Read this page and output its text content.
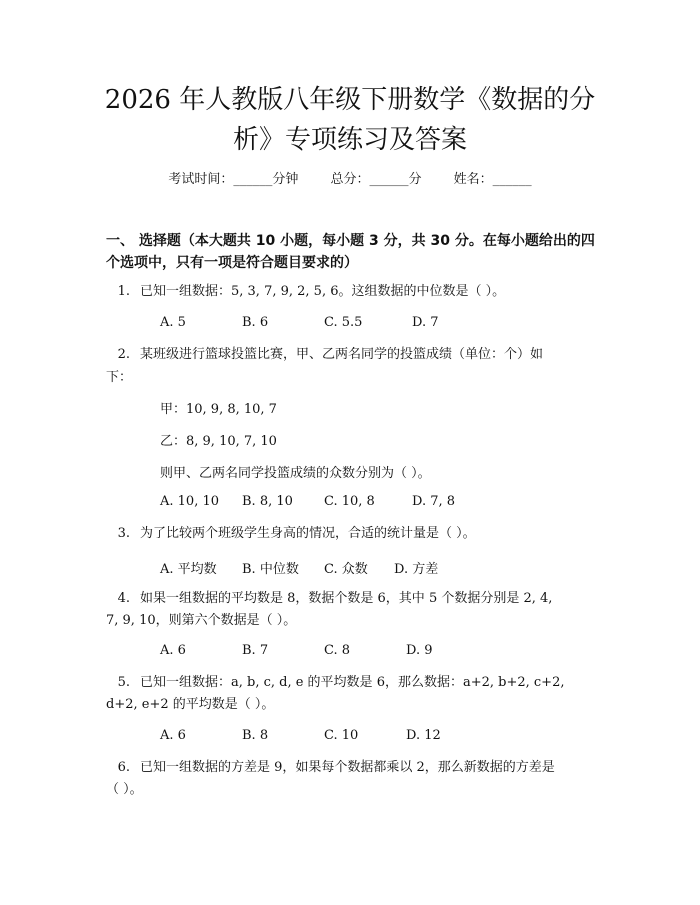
2026 年人教版八年级下册数学《数据的分
析》专项练习及答案
考试时间：______分钟 总分：______分 姓名：______
一、 选择题（本大题共 10 小题，每小题 3 分，共 30 分。在每小题给出的四个选项中，只有一项是符合题目要求的）
1. 已知一组数据：5, 3, 7, 9, 2, 5, 6。这组数据的中位数是（ ）。
A. 5	B. 6	C. 5.5	D. 7
2. 某班级进行篮球投篮比赛，甲、乙两名同学的投篮成绩（单位：个）如
下：
甲：10, 9, 8, 10, 7
乙：8, 9, 10, 7, 10
则甲、乙两名同学投篮成绩的众数分别为（ ）。
A. 10, 10 B. 8, 10 C. 10, 8	D. 7, 8
3. 为了比较两个班级学生身高的情况，合适的统计量是（ ）。
A. 平均数 B. 中位数 C. 众数 D. 方差
4. 如果一组数据的平均数是 8，数据个数是 6，其中 5 个数据分别是 2, 4,
7, 9, 10，则第六个数据是（ ）。
A. 6	B. 7	C. 8	D. 9
5. 已知一组数据：a, b, c, d, e 的平均数是 6，那么数据：a+2, b+2, c+2,
d+2, e+2 的平均数是（ ）。
A. 6	B. 8	C. 10	D. 12
6. 已知一组数据的方差是 9，如果每个数据都乘以 2，那么新数据的方差是
（ ）。
